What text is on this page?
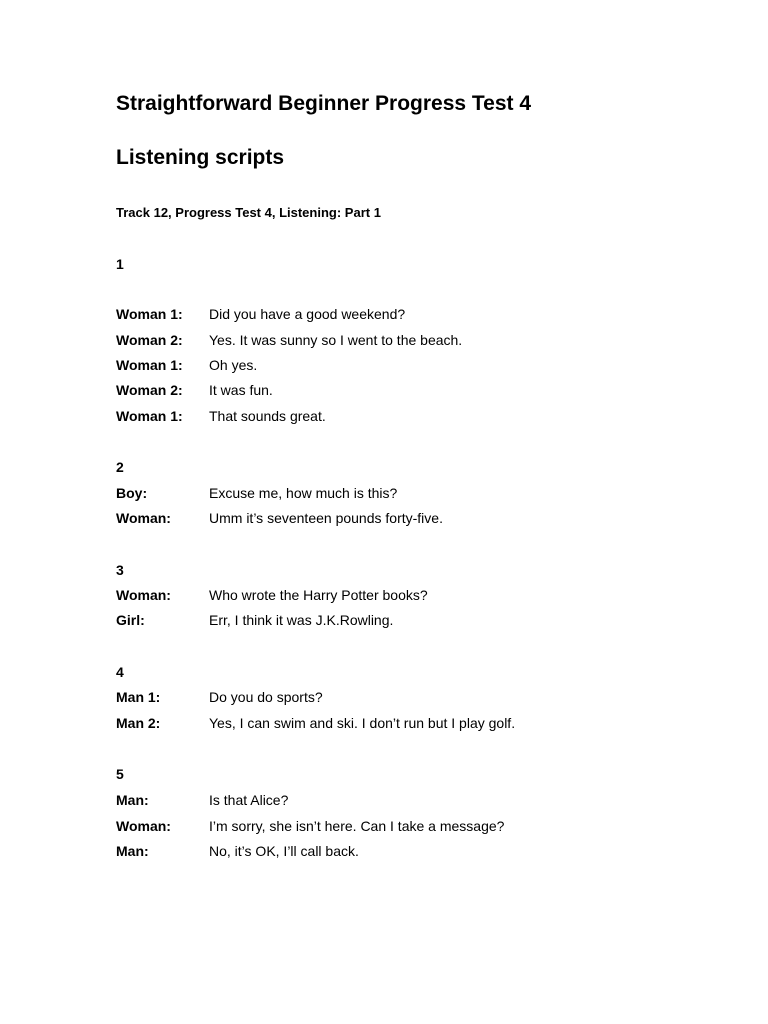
Straightforward Beginner Progress Test 4
Listening scripts
Track 12, Progress Test 4, Listening: Part 1
1
Woman 1: Did you have a good weekend?
Woman 2: Yes. It was sunny so I went to the beach.
Woman 1: Oh yes.
Woman 2: It was fun.
Woman 1: That sounds great.
2
Boy:	Excuse me, how much is this?
Woman:	Umm it’s seventeen pounds forty-five.
3
Woman:	Who wrote the Harry Potter books?
Girl:	Err, I think it was J.K.Rowling.
4
Man 1:	Do you do sports?
Man 2:	Yes, I can swim and ski. I don’t run but I play golf.
5
Man:	Is that Alice?
Woman:	I’m sorry, she isn’t here. Can I take a message?
Man:	No, it’s OK, I’ll call back.
